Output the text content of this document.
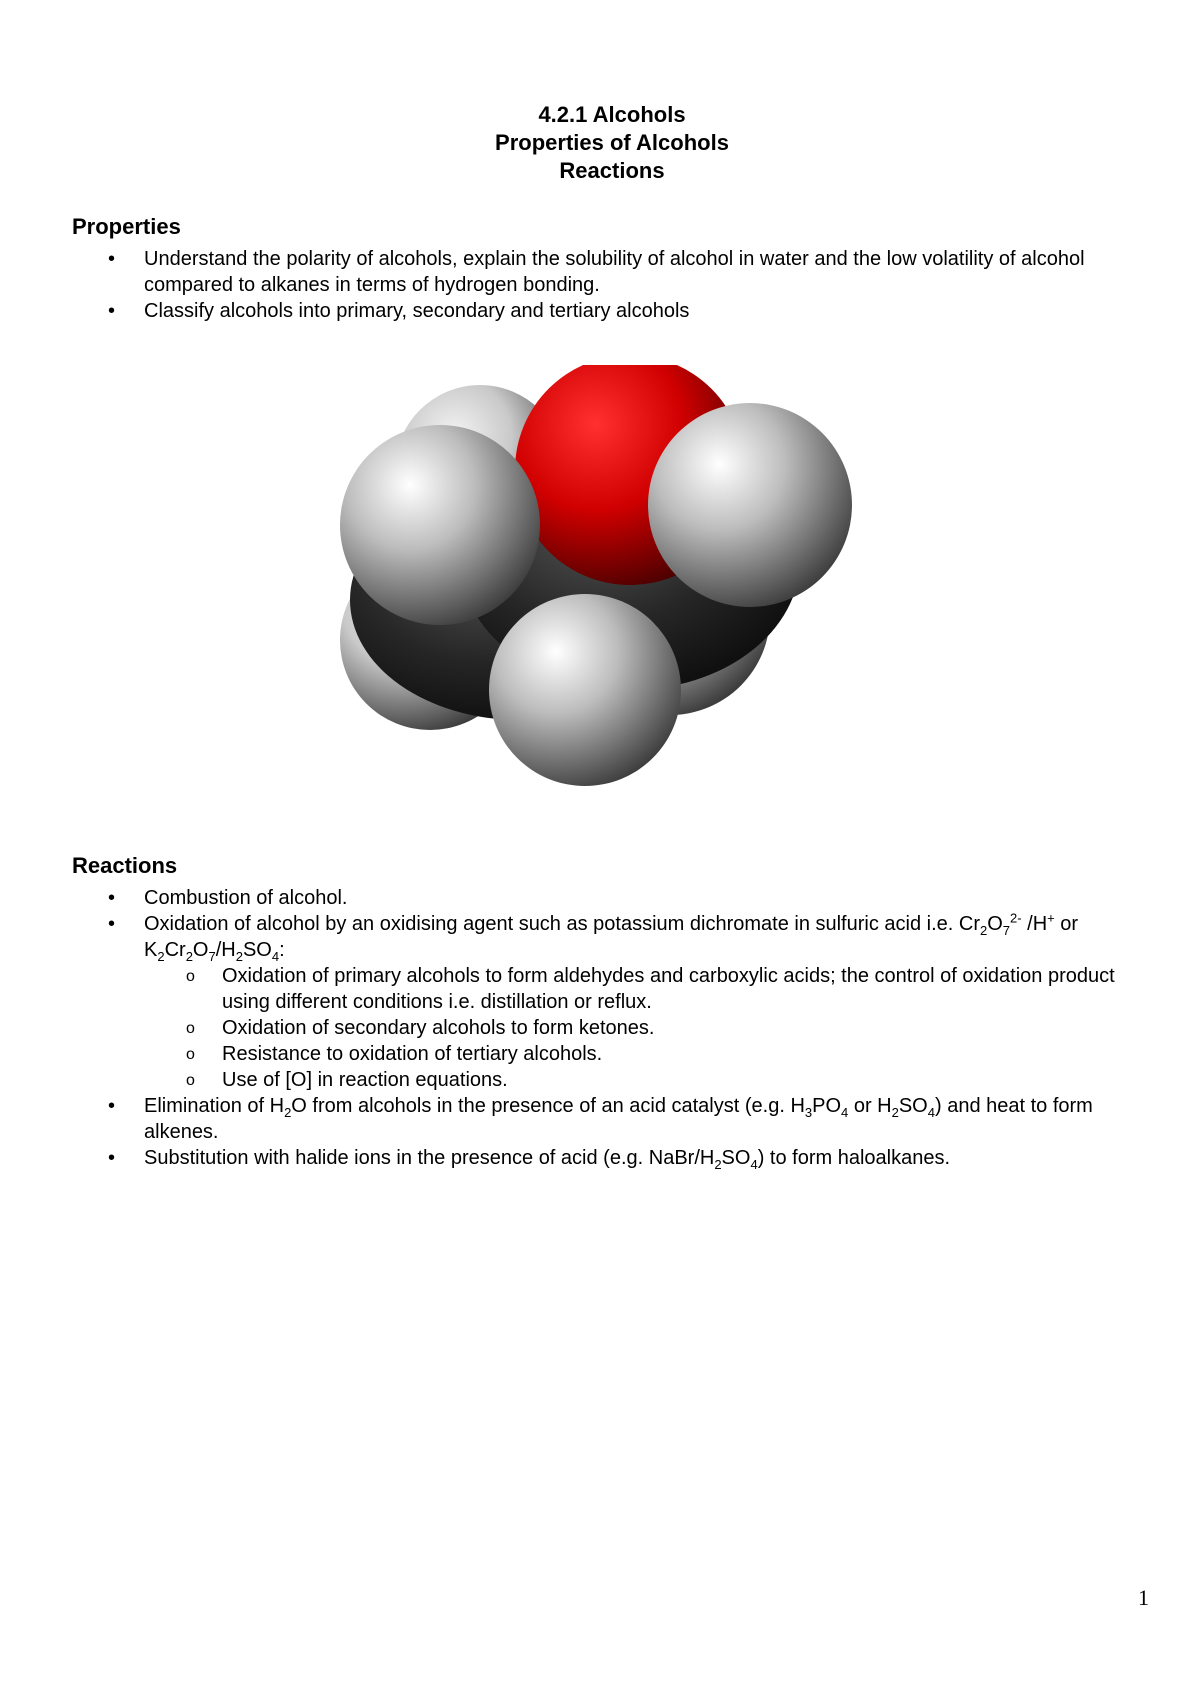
4.2.1 Alcohols
Properties of Alcohols
Reactions
Properties
• Understand the polarity of alcohols, explain the solubility of alcohol in water and the low volatility of alcohol compared to alkanes in terms of hydrogen bonding.
• Classify alcohols into primary, secondary and tertiary alcohols
Reactions
• Combustion of alcohol.
• Oxidation of alcohol by an oxidising agent such as potassium dichromate in sulfuric acid i.e. $Cr_2O_7^{2-}$ /H+ or $K_2Cr_2O_7/H_2SO_4$:
o Oxidation of primary alcohols to form aldehydes and carboxylic acids; the control of oxidation product using different conditions i.e. distillation or reflux.
o Oxidation of secondary alcohols to form ketones.
o Resistance to oxidation of tertiary alcohols.
o Use of [O] in reaction equations.
• Elimination of $H_2O$ from alcohols in the presence of an acid catalyst (e.g. $H_3PO_4$ or $H_2SO_4$) and heat to form alkenes.
• Substitution with halide ions in the presence of acid (e.g. NaBr/$H_2SO_4$) to form haloalkanes.
1
